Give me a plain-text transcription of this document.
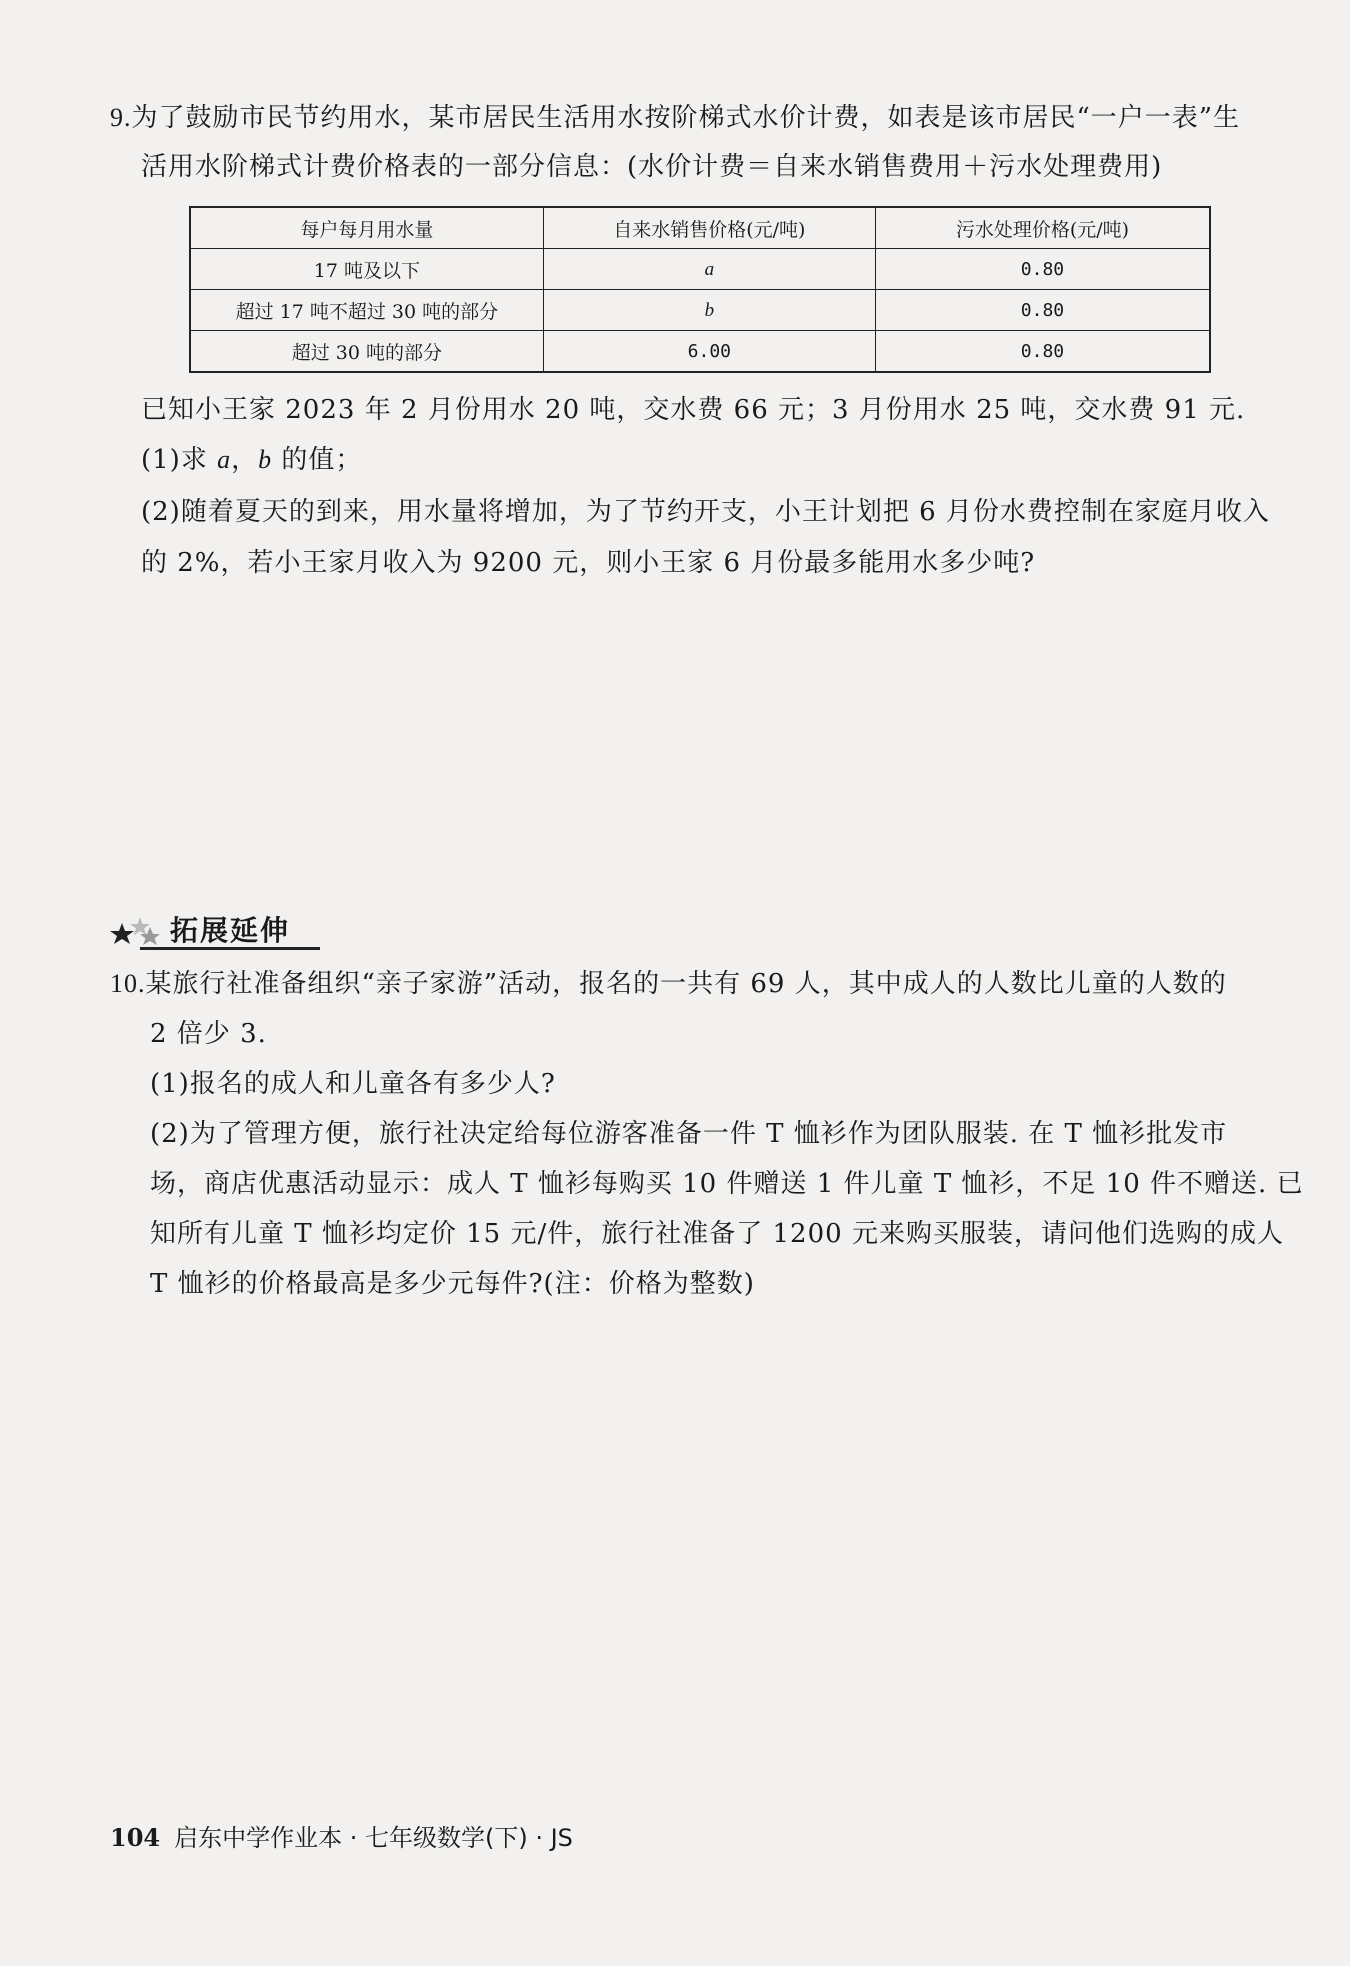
9.为了鼓励市民节约用水，某市居民生活用水按阶梯式水价计费，如表是该市居民“一户一表”生
活用水阶梯式计费价格表的一部分信息：(水价计费＝自来水销售费用＋污水处理费用)
每户每月用水量	自来水销售价格(元/吨)	污水处理价格(元/吨)
17 吨及以下	a	0.80
超过 17 吨不超过 30 吨的部分	b	0.80
超过 30 吨的部分	6.00	0.80
已知小王家 2023 年 2 月份用水 20 吨，交水费 66 元；3 月份用水 25 吨，交水费 91 元.
(1)求 a，b 的值；
(2)随着夏天的到来，用水量将增加，为了节约开支，小王计划把 6 月份水费控制在家庭月收入
的 2%，若小王家月收入为 9200 元，则小王家 6 月份最多能用水多少吨?
拓展延伸
10.某旅行社准备组织“亲子家游”活动，报名的一共有 69 人，其中成人的人数比儿童的人数的
2 倍少 3.
(1)报名的成人和儿童各有多少人?
(2)为了管理方便，旅行社决定给每位游客准备一件 T 恤衫作为团队服装. 在 T 恤衫批发市
场，商店优惠活动显示：成人 T 恤衫每购买 10 件赠送 1 件儿童 T 恤衫，不足 10 件不赠送. 已
知所有儿童 T 恤衫均定价 15 元/件，旅行社准备了 1200 元来购买服装，请问他们选购的成人
T 恤衫的价格最高是多少元每件?(注：价格为整数)
104 启东中学作业本 · 七年级数学(下) · JS
